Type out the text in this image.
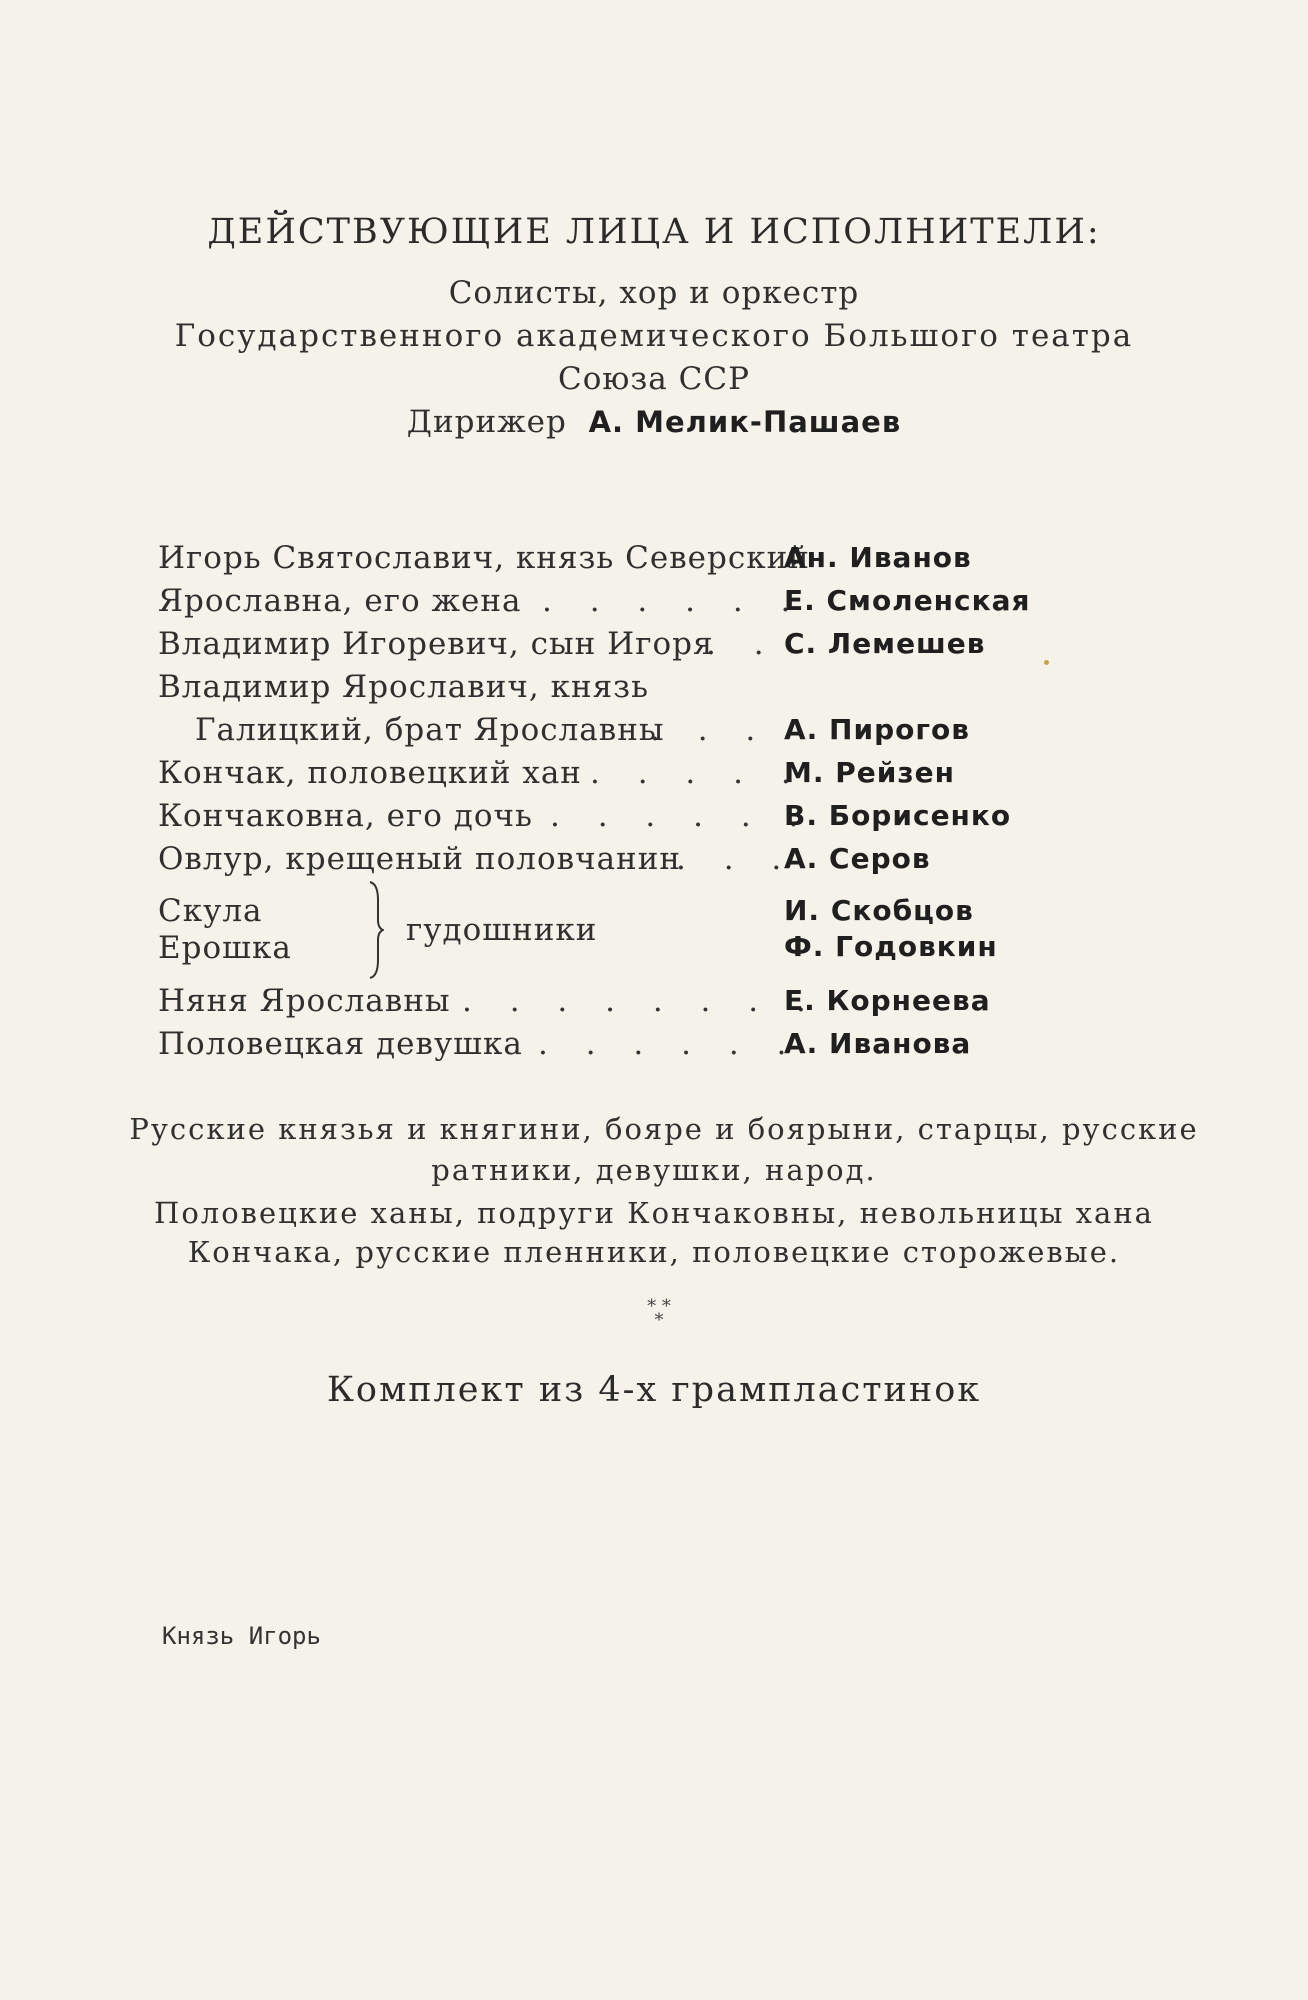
ДЕЙСТВУЮЩИЕ ЛИЦА И ИСПОЛНИТЕЛИ:
Солисты, хор и оркестр
Государственного академического Большого театра
Союза ССР
Дирижер А. Мелик-Пашаев
Игорь Святославич, князь Северский
Ан. Иванов
Ярославна, его жена . . . . . .
Е. Смоленская
Владимир Игоревич, сын Игоря
. . С. Лемешев
Владимир Ярославич, князь
Галицкий, брат Ярославны
. . . А. Пирогов
Кончак, половецкий хан . . . . .
М. Рейзен
Кончаковна, его дочь . . . . . .
В. Борисенко
Овлур, крещеный половчанин
. . .
А. Серов
Скула
Ерошка	гудошники
И. Скобцов
Ф. Годовкин
Няня Ярославны . . . . . . . .
Е. Корнеева
Половецкая девушка . . . . . .
А. Иванова
Русские князья и княгини, бояре и боярыни, старцы, русские
ратники, девушки, народ.
Половецкие ханы, подруги Кончаковны, невольницы хана
Кончака, русские пленники, половецкие сторожевые.
* *
*
Комплект из 4-х грампластинок
Князь Игорь
